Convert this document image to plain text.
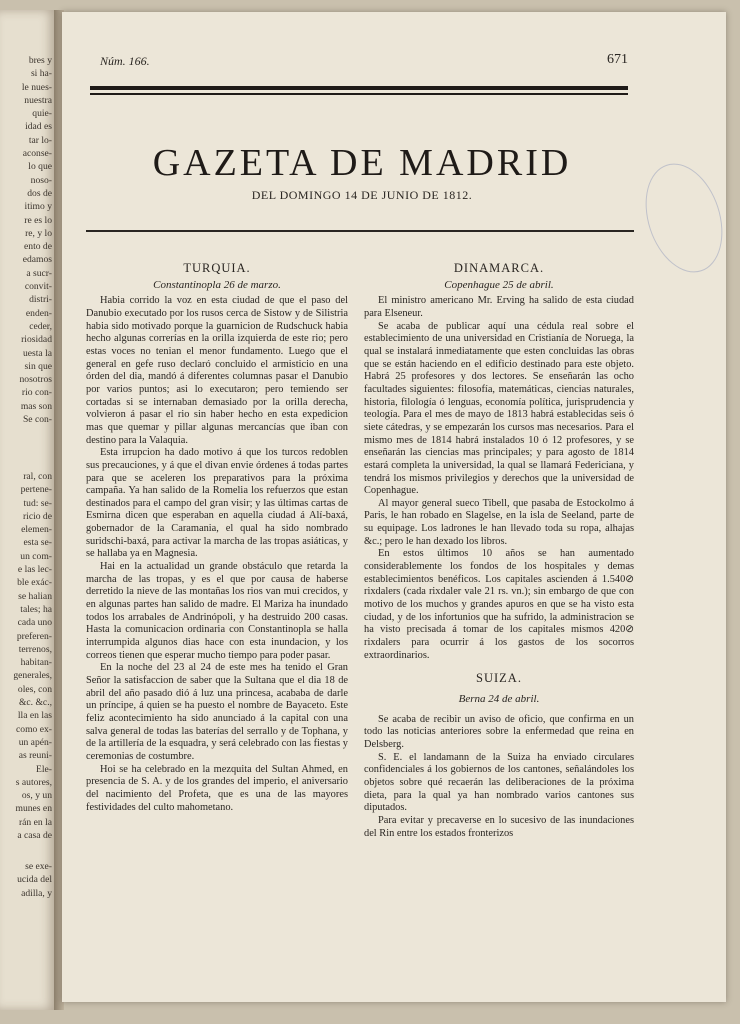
bres y
si ha-
le nues-
nuestra
quie-
idad es
tar lo-
aconse-
lo que
noso-
dos de
itimo y
re es lo
re, y lo
ento de
edamos
a sucr-
convit-
distri-
enden-
ceder,
riosidad
uesta la
sin que
nosotros
rio con-
mas son
Se con-
ral, con
pertene-
tud: se-
ricio de
elemen-
esta se-
un com-
e las lec-
ble exác-
se halian
tales; ha
cada uno
preferen-
terrenos,
habitan-
generales,
oles, con
&c. &c.,
lla en las
como ex-
un apén-
as reuni-
Ele-
s autores,
os, y un
munes en
rán en la
a casa de
se exe-
ucida del
adilla, y
Núm. 166.	671
GAZETA DE MADRID
DEL DOMINGO 14 DE JUNIO DE 1812.
TURQUIA.
Constantinopla 26 de marzo.

Habia corrido la voz en esta ciudad de que el paso del Danubio executado por los rusos cerca de Sistow y de Silistria habia sido motivado porque la guarnicion de Rudschuck habia hecho algunas correrías en la orilla izquierda de este rio; pero estas voces no tenian el menor fundamento. Luego que el general en gefe ruso declaró concluido el armisticio en una órden del dia, mandó á diferentes columnas pasar el Danubio por varios puntos; asi lo executaron; pero temiendo ser cortadas si se internaban demasiado por la orilla derecha, volvieron á pasar el rio sin haber hecho en esta expedicion mas que quemar y pillar algunas mercancías que iban con destino para la Valaquia.

Esta irrupcion ha dado motivo á que los turcos redoblen sus precauciones, y á que el divan envie órdenes á todas partes para que se aceleren los preparativos para la próxima campaña. Ya han salido de la Romelia los refuerzos que estan destinados para el campo del gran visir; y las últimas cartas de Esmirna dicen que esperaban en aquella ciudad á Alí-baxá, gobernador de la Caramania, el qual ha sido nombrado suridschi-baxá, para activar la marcha de las tropas asiáticas, y se hallaba ya en Magnesia.

Hai en la actualidad un grande obstáculo que retarda la marcha de las tropas, y es el que por causa de haberse derretido la nieve de las montañas los rios van mui crecidos, y en algunas partes han salido de madre. El Mariza ha inundado todos los arrabales de Andrinópoli, y ha destruido 200 casas. Hasta la comunicacion ordinaria con Constantinopla se halla interrumpida algunos dias hace con esta inundacion, y los correos tienen que esperar mucho tiempo para poder pasar.

En la noche del 23 al 24 de este mes ha tenido el Gran Señor la satisfaccion de saber que la Sultana que el dia 18 de abril del año pasado dió á luz una princesa, acababa de darle un príncipe, á quien se ha puesto el nombre de Bayaceto. Este feliz acontecimiento ha sido anunciado á la capital con una salva general de todas las baterías del serrallo y de Tophana, y de la artillería de la esquadra, y será celebrado con las fiestas y ceremonias de costumbre.

Hoi se ha celebrado en la mezquita del Sultan Ahmed, en presencia de S. A. y de los grandes del imperio, el aniversario del nacimiento del Profeta, que es una de las mayores festividades del culto mahometano.

DINAMARCA.
Copenhague 25 de abril.

El ministro americano Mr. Erving ha salido de esta ciudad para Elseneur.

Se acaba de publicar aquí una cédula real sobre el establecimiento de una universidad en Cristianía de Noruega, la qual se instalará inmediatamente que esten concluidas las obras que se están haciendo en el edificio destinado para este objeto. Habrá 25 profesores y dos lectores. Se enseñarán las ocho facultades siguientes: filosofía, matemáticas, ciencias naturales, historia, filología ó lenguas, economía política, jurisprudencia y teología. Para el mes de mayo de 1813 habrá establecidas seis ó siete cátedras, y se empezarán los cursos mas necesarios. Para el mismo mes de 1814 habrá instalados 10 ó 12 profesores, y se enseñarán las ciencias mas principales; y para agosto de 1814 estará completa la universidad, la qual se llamará Federiciana, y tendrá los mismos privilegios y derechos que la universidad de Copenhague.

Al mayor general sueco Tibell, que pasaba de Estockolmo á Paris, le han robado en Slagelse, en la isla de Seeland, parte de su equipage. Los ladrones le han llevado toda su ropa, alhajas &c.; pero le han dexado los libros.

En estos últimos 10 años se han aumentado considerablemente los fondos de los hospitales y demas establecimientos benéficos. Los capitales ascienden á 1.540⊘ rixdalers (cada rixdaler vale 21 rs. vn.); sin embargo de que con motivo de los muchos y grandes apuros en que se ha visto esta ciudad, y de los infortunios que ha sufrido, la administracion se ha visto precisada á tomar de los capitales mismos 420⊘ rixdalers para ocurrir á los gastos de los socorros extraordinarios.

SUIZA.
Berna 24 de abril.

Se acaba de recibir un aviso de oficio, que confirma en un todo las noticias anteriores sobre la enfermedad que reina en Delsberg.

S. E. el landamann de la Suiza ha enviado circulares confidenciales á los gobiernos de los cantones, señalándoles los objetos sobre qué recaerán las deliberaciones de la próxima dieta, para la qual ya han nombrado varios cantones sus diputados.

Para evitar y precaverse en lo sucesivo de las inundaciones del Rin entre los estados fronterizos
